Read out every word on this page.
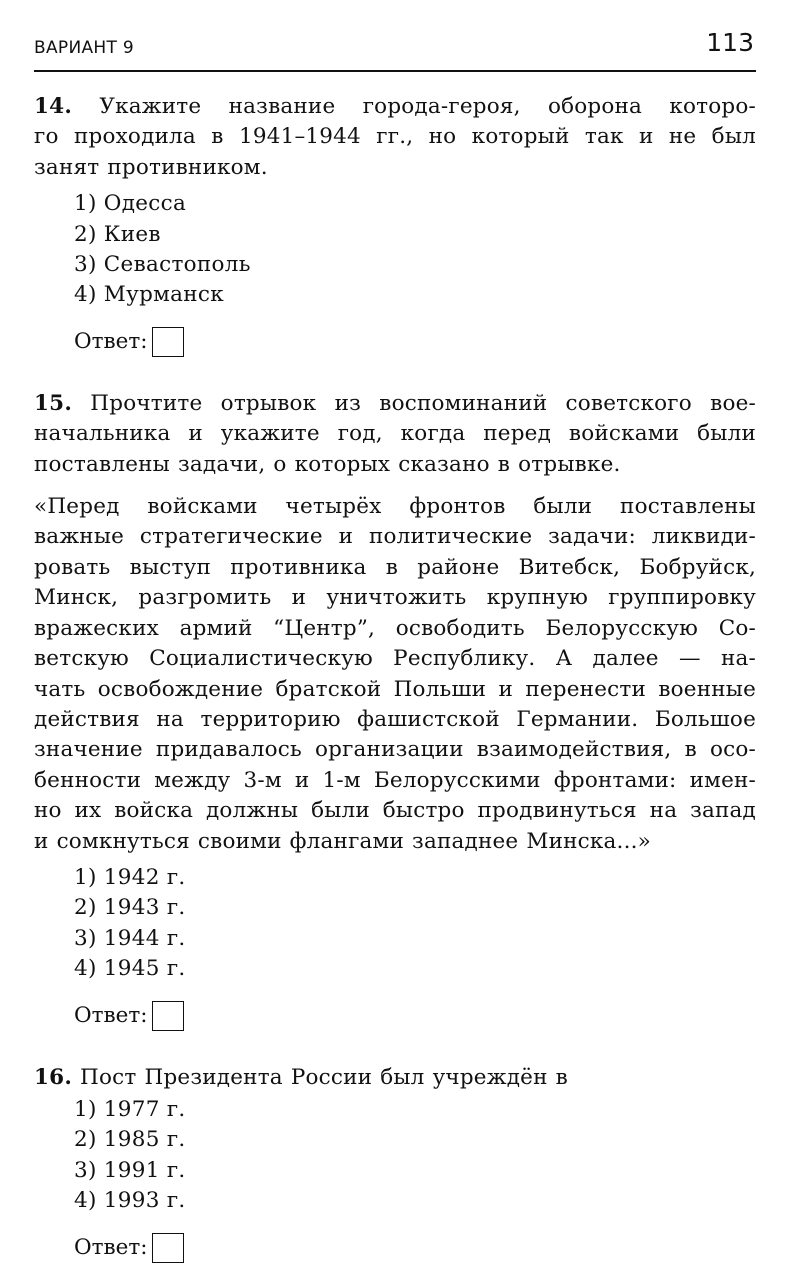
ВАРИАНТ 9	113
14. Укажите название города-героя, оборона которо-
го проходила в 1941–1944 гг., но который так и не был
занят противником.
1) Одесса
2) Киев
3) Севастополь
4) Мурманск
Ответ:
15. Прочтите отрывок из воспоминаний советского вое-
начальника и укажите год, когда перед войсками были
поставлены задачи, о которых сказано в отрывке.
«Перед войсками четырёх фронтов были поставлены
важные стратегические и политические задачи: ликвиди-
ровать выступ противника в районе Витебск, Бобруйск,
Минск, разгромить и уничтожить крупную группировку
вражеских армий “Центр”, освободить Белорусскую Со-
ветскую Социалистическую Республику. А далее — на-
чать освобождение братской Польши и перенести военные
действия на территорию фашистской Германии. Большое
значение придавалось организации взаимодействия, в осо-
бенности между 3-м и 1-м Белорусскими фронтами: имен-
но их войска должны были быстро продвинуться на запад
и сомкнуться своими флангами западнее Минска...»
1) 1942 г.
2) 1943 г.
3) 1944 г.
4) 1945 г.
Ответ:
16. Пост Президента России был учреждён в
1) 1977 г.
2) 1985 г.
3) 1991 г.
4) 1993 г.
Ответ:
